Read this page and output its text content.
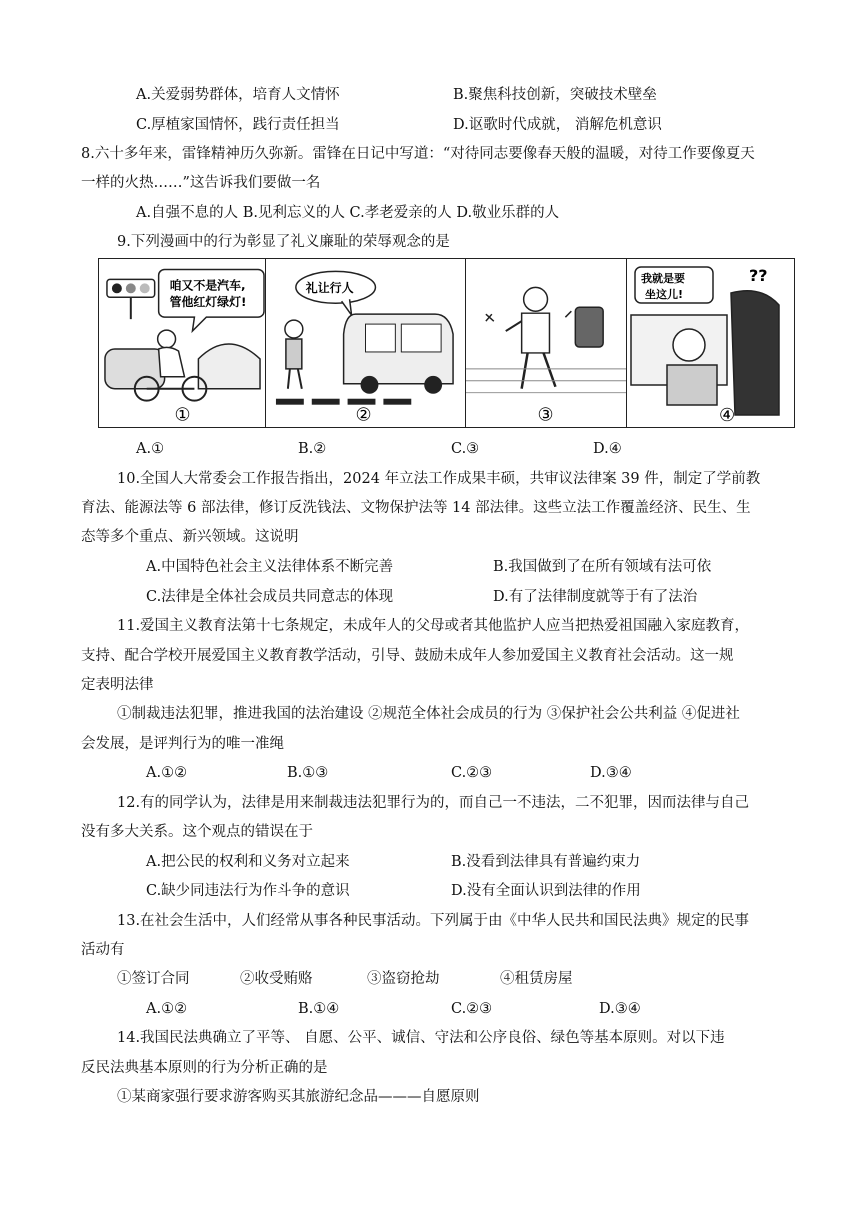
A.关爱弱势群体，培育人文情怀	B.聚焦科技创新，突破技术壁垒
C.厚植家国情怀，践行责任担当	D.讴歌时代成就， 消解危机意识
8.六十多年来，雷锋精神历久弥新。雷锋在日记中写道：“对待同志要像春天般的温暖，对待工作要像夏天
一样的火热……”这告诉我们要做一名
A.自强不息的人 B.见利忘义的人 C.孝老爱亲的人 D.敬业乐群的人
9.下列漫画中的行为彰显了礼义廉耻的荣辱观念的是
咱又不是汽车,
管他红灯绿灯!
①
礼让行人
②	③
我就是要
坐这儿!
??
④
A.①	B.②	C.③	D.④
10.全国人大常委会工作报告指出，2024 年立法工作成果丰硕，共审议法律案 39 件，制定了学前教
育法、能源法等 6 部法律，修订反洗钱法、文物保护法等 14 部法律。这些立法工作覆盖经济、民生、生
态等多个重点、新兴领域。这说明
A.中国特色社会主义法律体系不断完善	B.我国做到了在所有领域有法可依
C.法律是全体社会成员共同意志的体现	D.有了法律制度就等于有了法治
11.爱国主义教育法第十七条规定，未成年人的父母或者其他监护人应当把热爱祖国融入家庭教育，
支持、配合学校开展爱国主义教育教学活动，引导、鼓励未成年人参加爱国主义教育社会活动。这一规
定表明法律
①制裁违法犯罪，推进我国的法治建设 ②规范全体社会成员的行为 ③保护社会公共利益 ④促进社
会发展，是评判行为的唯一准绳
A.①②	B.①③	C.②③	D.③④
12.有的同学认为，法律是用来制裁违法犯罪行为的，而自己一不违法，二不犯罪，因而法律与自己
没有多大关系。这个观点的错误在于
A.把公民的权利和义务对立起来	B.没看到法律具有普遍约束力
C.缺少同违法行为作斗争的意识	D.没有全面认识到法律的作用
13.在社会生活中，人们经常从事各种民事活动。下列属于由《中华人民共和国民法典》规定的民事
活动有
①签订合同	②收受贿赂	③盗窃抢劫	④租赁房屋
A.①②	B.①④	C.②③	D.③④
14.我国民法典确立了平等、 自愿、公平、诚信、守法和公序良俗、绿色等基本原则。对以下违
反民法典基本原则的行为分析正确的是
①某商家强行要求游客购买其旅游纪念品———自愿原则
